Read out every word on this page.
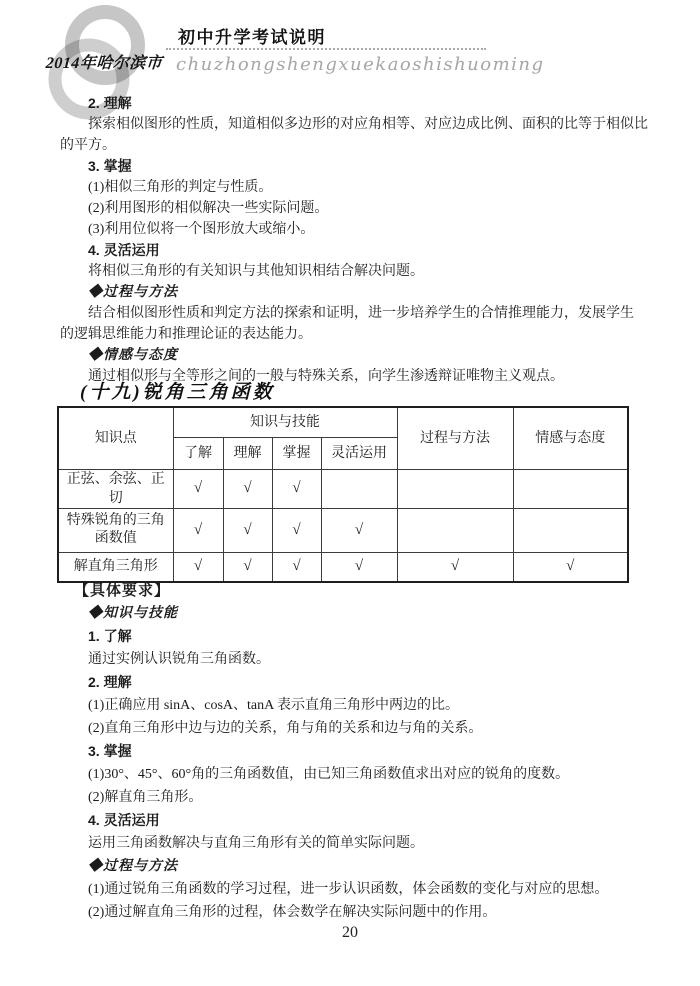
2014年哈尔滨市
初中升学考试说明
chuzhongshengxuekaoshishuoming

2. 理解

探索相似图形的性质，知道相似多边形的对应角相等、对应边成比例、面积的比等于相似比

的平方。

3. 掌握

(1)相似三角形的判定与性质。

(2)利用图形的相似解决一些实际问题。

(3)利用位似将一个图形放大或缩小。

4. 灵活运用

将相似三角形的有关知识与其他知识相结合解决问题。

◆过程与方法

结合相似图形性质和判定方法的探索和证明，进一步培养学生的合情推理能力，发展学生

的逻辑思维能力和推理论证的表达能力。

◆情感与态度

通过相似形与全等形之间的一般与特殊关系，向学生渗透辩证唯物主义观点。

(十九)锐角三角函数
知识点	知识与技能				过程与方法	情感与态度
	了解	理解	掌握	灵活运用		
正弦、余弦、正切	√	√	√			
特殊锐角的三角函数值	√	√	√	√		
解直角三角形	√	√	√	√	√	√

【具体要求】

◆知识与技能

1. 了解

通过实例认识锐角三角函数。

2. 理解

(1)正确应用 sinA、cosA、tanA 表示直角三角形中两边的比。

(2)直角三角形中边与边的关系，角与角的关系和边与角的关系。

3. 掌握

(1)30°、45°、60°角的三角函数值，由已知三角函数值求出对应的锐角的度数。

(2)解直角三角形。

4. 灵活运用

运用三角函数解决与直角三角形有关的简单实际问题。

◆过程与方法

(1)通过锐角三角函数的学习过程，进一步认识函数，体会函数的变化与对应的思想。

(2)通过解直角三角形的过程，体会数学在解决实际问题中的作用。

20
